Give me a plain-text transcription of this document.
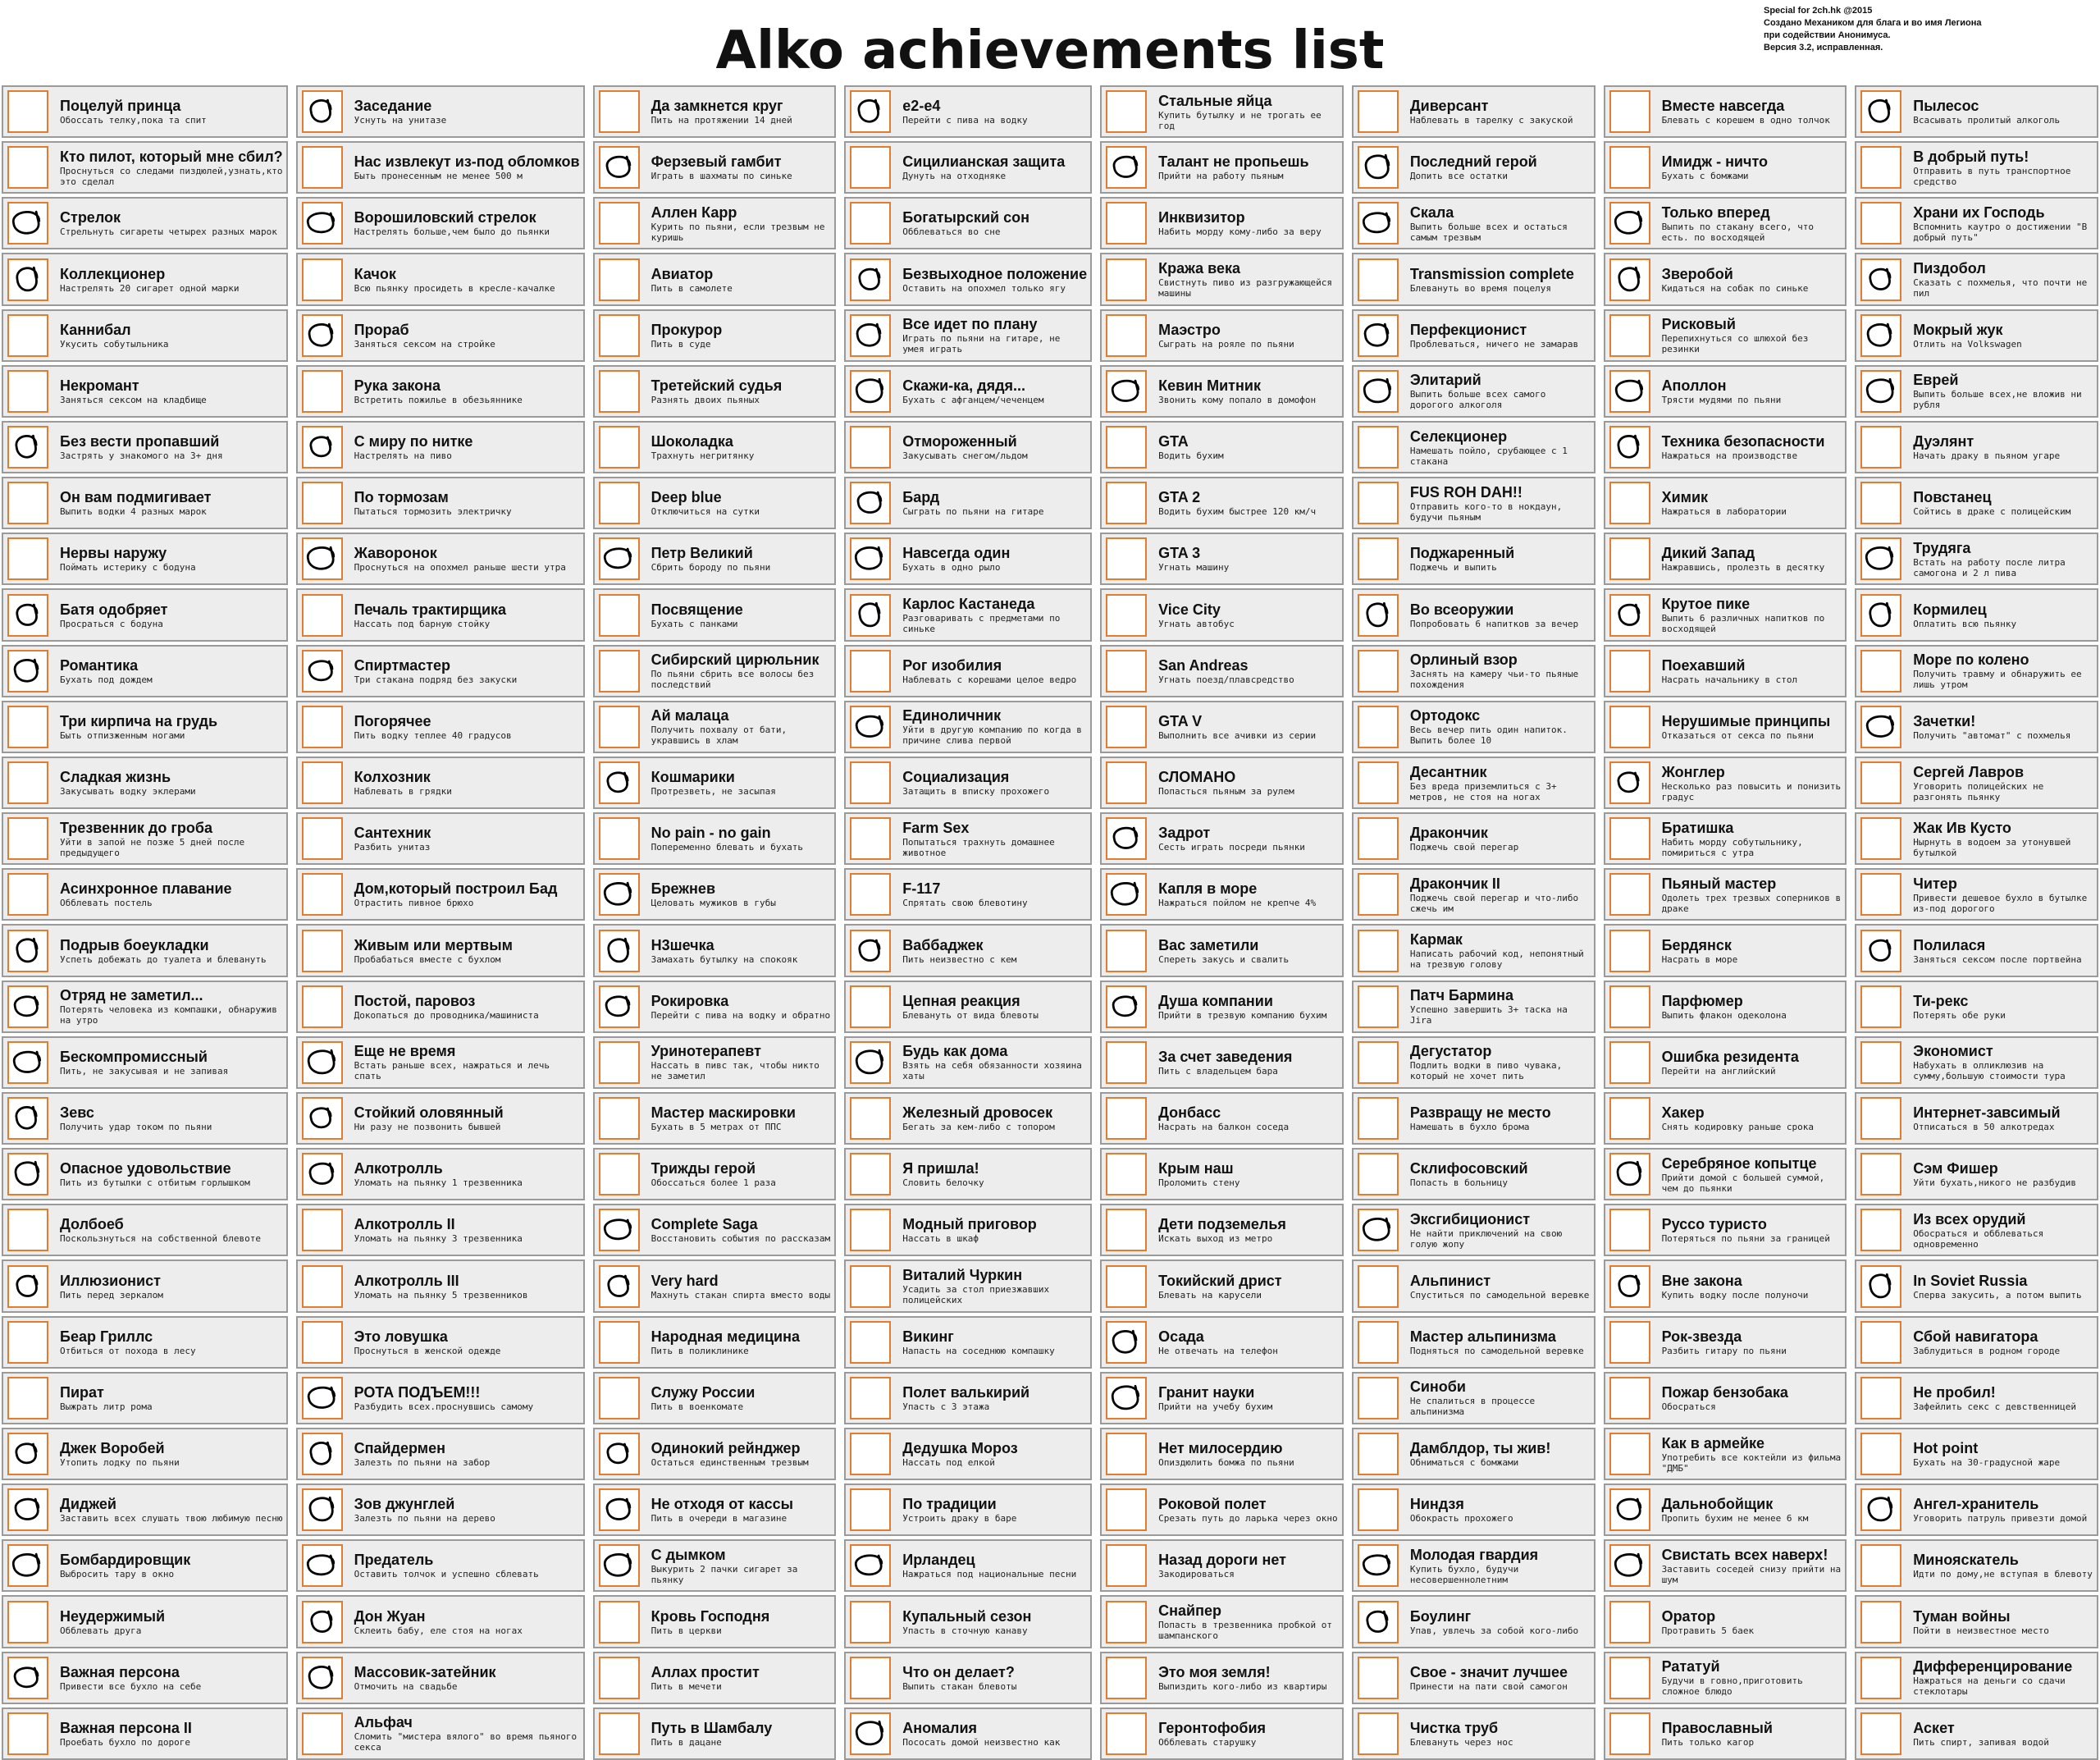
Alko achievements list
Special for 2ch.hk @2015
Создано Механиком для блага и во имя Легиона
при содействии Анонимуса.
Версия 3.2, исправленная.
Поцелуй принца
Обоссать телку,пока та спит
Кто пилот, который мне сбил?
Проснуться со следами пиздюлей,узнать,кто это сделал
Стрелок
Стрельнуть сигареты четырех разных марок
Коллекционер
Настрелять 20 сигарет одной марки
Каннибал
Укусить собутыльника
Некромант
Заняться сексом на кладбище
Без вести пропавший
Застрять у знакомого на 3+ дня
Он вам подмигивает
Выпить водки 4 разных марок
Нервы наружу
Поймать истерику с бодуна
Батя одобряет
Просраться с бодуна
Романтика
Бухать под дождем
Три кирпича на грудь
Быть отпизженным ногами
Сладкая жизнь
Закусывать водку эклерами
Трезвенник до гроба
Уйти в запой не позже 5 дней после предыдущего
Асинхронное плавание
Обблевать постель
Подрыв боеукладки
Успеть добежать до туалета и блевануть
Отряд не заметил...
Потерять человека из компашки, обнаружив на утро
Бескомпромиссный
Пить, не закусывая и не запивая
Зевс
Получить удар током по пьяни
Опасное удовольствие
Пить из бутылки с отбитым горлышком
Долбоеб
Поскользнуться на собственной блевоте
Иллюзионист
Пить перед зеркалом
Беар Гриллс
Отбиться от похода в лесу
Пират
Выжрать литр рома
Джек Воробей
Утопить лодку по пьяни
Диджей
Заставить всех слушать твою любимую песню
Бомбардировщик
Выбросить тару в окно
Неудержимый
Обблевать друга
Важная персона
Привести все бухло на себе
Важная персона II
Проебать бухло по дороге
Заседание
Уснуть на унитазе
Нас извлекут из-под обломков
Быть пронесенным не менее 500 м
Ворошиловский стрелок
Настрелять больше,чем было до пьянки
Качок
Всю пьянку просидеть в кресле-качалке
Прораб
Заняться сексом на стройке
Рука закона
Встретить пожилье в обезьяннике
С миру по нитке
Настрелять на пиво
По тормозам
Пытаться тормозить электричку
Жаворонок
Проснуться на опохмел раньше шести утра
Печаль трактирщика
Нассать под барную стойку
Спиртмастер
Три стакана подряд без закуски
Погорячее
Пить водку теплее 40 градусов
Колхозник
Наблевать в грядки
Сантехник
Разбить унитаз
Дом,который построил Бад
Отрастить пивное брюхо
Живым или мертвым
Пробабаться вместе с бухлом
Постой, паровоз
Докопаться до проводника/машиниста
Еще не время
Встать раньше всех, нажраться и лечь спать
Стойкий оловянный
Ни разу не позвонить бывшей
Алкотролль
Уломать на пьянку 1 трезвенника
Алкотролль II
Уломать на пьянку 3 трезвенника
Алкотролль III
Уломать на пьянку 5 трезвенников
Это ловушка
Проснуться в женской одежде
РОТА ПОДЪЕМ!!!
Разбудить всех.проснувшись самому
Спайдермен
Залезть по пьяни на забор
Зов джунглей
Залезть по пьяни на дерево
Предатель
Оставить толчок и успешно сблевать
Дон Жуан
Склеить бабу, еле стоя на ногах
Массовик-затейник
Отмочить на свадьбе
Альфач
Сломить "мистера вялого" во время пьяного секса
Да замкнется круг
Пить на протяжении 14 дней
Ферзевый гамбит
Играть в шахматы по синьке
Аллен Карр
Курить по пьяни, если трезвым не куришь
Авиатор
Пить в самолете
Прокурор
Пить в суде
Третейский судья
Разнять двоих пьяных
Шоколадка
Трахнуть негритянку
Deep blue
Отключиться на сутки
Петр Великий
Сбрить бороду по пьяни
Посвящение
Бухать с панками
Сибирский цирюльник
По пьяни сбрить все волосы без последствий
Ай малаца
Получить похвалу от бати, укравшись в хлам
Кошмарики
Протрезветь, не засыпая
No pain - no gain
Попеременно блевать и бухать
Брежнев
Целовать мужиков в губы
Н3шечка
Замахать бутылку на спокояк
Рокировка
Перейти с пива на водку и обратно
Уринотерапевт
Нассать в пивс так, чтобы никто не заметил
Мастер маскировки
Бухать в 5 метрах от ППС
Трижды герой
Обоссаться более 1 раза
Complete Saga
Восстановить события по рассказам
Very hard
Махнуть стакан спирта вместо воды
Народная медицина
Пить в поликлинике
Служу России
Пить в военкомате
Одинокий рейнджер
Остаться единственным трезвым
Не отходя от кассы
Пить в очереди в магазине
С дымком
Выкурить 2 пачки сигарет за пьянку
Кровь Господня
Пить в церкви
Аллах простит
Пить в мечети
Путь в Шамбалу
Пить в дацане
e2-e4
Перейти с пива на водку
Сицилианская защита
Дунуть на отходняке
Богатырский сон
Обблеваться во сне
Безвыходное положение
Оставить на опохмел только ягу
Все идет по плану
Играть по пьяни на гитаре, не умея играть
Скажи-ка, дядя...
Бухать с афганцем/чеченцем
Отмороженный
Закусывать снегом/льдом
Бард
Сыграть по пьяни на гитаре
Навсегда один
Бухать в одно рыло
Карлос Кастанеда
Разговаривать с предметами по синьке
Рог изобилия
Наблевать с корешами целое ведро
Единоличник
Уйти в другую компанию по когда в причине слива первой
Социализация
Затащить в вписку прохожего
Farm Sex
Попытаться трахнуть домашнее животное
F-117
Спрятать свою блевотину
Ваббаджек
Пить неизвестно с кем
Цепная реакция
Блевануть от вида блевоты
Будь как дома
Взять на себя обязанности хозяина хаты
Железный дровосек
Бегать за кем-либо с топором
Я пришла!
Словить белочку
Модный приговор
Нассать в шкаф
Виталий Чуркин
Усадить за стол приезжавших полицейских
Викинг
Напасть на соседнюю компашку
Полет валькирий
Упасть с 3 этажа
Дедушка Мороз
Нассать под елкой
По традиции
Устроить драку в баре
Ирландец
Нажраться под национальные песни
Купальный сезон
Упасть в сточную канаву
Что он делает?
Выпить стакан блевоты
Аномалия
Пососать домой неизвестно как
Стальные яйца
Купить бутылку и не трогать ее год
Талант не пропьешь
Прийти на работу пьяным
Инквизитор
Набить морду кому-либо за веру
Кража века
Свистнуть пиво из разгружающейся машины
Маэстро
Сыграть на рояле по пьяни
Кевин Митник
Звонить кому попало в домофон
GTA
Водить бухим
GTA 2
Водить бухим быстрее 120 км/ч
GTA 3
Угнать машину
Vice City
Угнать автобус
San Andreas
Угнать поезд/плавсредство
GTA V
Выполнить все ачивки из серии
СЛОМАНО
Попасться пьяным за рулем
Задрот
Сесть играть посреди пьянки
Капля в море
Нажраться пойлом не крепче 4%
Вас заметили
Спереть закусь и свалить
Душа компании
Прийти в трезвую компанию бухим
За счет заведения
Пить с владельцем бара
Донбасс
Насрать на балкон соседа
Крым наш
Проломить стену
Дети подземелья
Искать выход из метро
Токийский дрист
Блевать на карусели
Осада
Не отвечать на телефон
Гранит науки
Прийти на учебу бухим
Нет милосердию
Опиздюлить бомжа по пьяни
Роковой полет
Срезать путь до ларька через окно
Назад дороги нет
Закодироваться
Снайпер
Попасть в трезвенника пробкой от шампанского
Это моя земля!
Выпиздить кого-либо из квартиры
Геронтофобия
Обблевать старушку
Диверсант
Наблевать в тарелку с закуской
Последний герой
Допить все остатки
Скала
Выпить больше всех и остаться самым трезвым
Transmission complete
Блевануть во время поцелуя
Перфекционист
Проблеваться, ничего не замарав
Элитарий
Выпить больше всех самого дорогого алкоголя
Селекционер
Намешать пойло, срубающее с 1 стакана
FUS ROH DAH!!
Отправить кого-то в нокдаун, будучи пьяным
Поджаренный
Поджечь и выпить
Во всеоружии
Попробовать 6 напитков за вечер
Орлиный взор
Заснять на камеру чьи-то пьяные похождения
Ортодокс
Весь вечер пить один напиток. Выпить более 10
Десантник
Без вреда приземлиться с 3+ метров, не стоя на ногах
Дракончик
Поджечь свой перегар
Дракончик II
Поджечь свой перегар и что-либо сжечь им
Кармак
Написать рабочий код, непонятный на трезвую голову
Патч Бармина
Успешно завершить 3+ таска на Jira
Дегустатор
Подлить водки в пиво чувака, который не хочет пить
Развращу не место
Намешать в бухло брома
Склифосовский
Попасть в больницу
Эксгибиционист
Не найти приключений на свою голую жопу
Альпинист
Спуститься по самодельной веревке
Мастер альпинизма
Подняться по самодельной веревке
Синоби
Не спалиться в процессе альпинизма
Дамблдор, ты жив!
Обниматься с бомжами
Ниндзя
Обокрасть прохожего
Молодая гвардия
Купить бухло, будучи несовершеннолетним
Боулинг
Упав, увлечь за собой кого-либо
Свое - значит лучшее
Принести на пати свой самогон
Чистка труб
Блевануть через нос
Вместе навсегда
Блевать с корешем в одно толчок
Имидж - ничто
Бухать с бомжами
Только вперед
Выпить по стакану всего, что есть. по восходящей
Зверобой
Кидаться на собак по синьке
Рисковый
Перепихнуться со шлюхой без резинки
Аполлон
Трясти мудями по пьяни
Техника безопасности
Нажраться на производстве
Химик
Нажраться в лаборатории
Дикий Запад
Нажравшись, пролезть в десятку
Крутое пике
Выпить 6 различных напитков по восходящей
Поехавший
Насрать начальнику в стол
Нерушимые принципы
Отказаться от секса по пьяни
Жонглер
Несколько раз повысить и понизить градус
Братишка
Набить морду собутыльнику, помириться с утра
Пьяный мастер
Одолеть трех трезвых соперников в драке
Бердянск
Насрать в море
Парфюмер
Выпить флакон одеколона
Ошибка резидента
Перейти на английский
Хакер
Снять кодировку раньше срока
Серебряное копытце
Прийти домой с большей суммой, чем до пьянки
Руссо туристо
Потеряться по пьяни за границей
Вне закона
Купить водку после полуночи
Рок-звезда
Разбить гитару по пьяни
Пожар бензобака
Обосраться
Как в армейке
Употребить все коктейли из фильма "ДМБ"
Дальнобойщик
Пропить бухим не менее 6 км
Свистать всех наверх!
Заставить соседей снизу прийти на шум
Оратор
Протравить 5 баек
Рататуй
Будучи в говно,приготовить сложное блюдо
Православный
Пить только кагор
Пылесос
Всасывать пролитый алкоголь
В добрый путь!
Отправить в путь транспортное средство
Храни их Господь
Вспомнить каутро о достижении "В добрый путь"
Пиздобол
Сказать с похмелья, что почти не пил
Мокрый жук
Отлить на Volkswagen
Еврей
Выпить больше всех,не вложив ни рубля
Дуэлянт
Начать драку в пьяном угаре
Повстанец
Сойтись в драке с полицейским
Трудяга
Встать на работу после литра самогона и 2 л пива
Кормилец
Оплатить всю пьянку
Море по колено
Получить травму и обнаружить ее лишь утром
Зачетки!
Получить "автомат" с похмелья
Сергей Лавров
Уговорить полицейских не разгонять пьянку
Жак Ив Кусто
Нырнуть в водоем за утонувшей бутылкой
Читер
Привести дешевое бухло в бутылке из-под дорогого
Полилася
Заняться сексом после портвейна
Ти-рекс
Потерять обе руки
Экономист
Набухать в олликлюзив на сумму,большую стоимости тура
Интернет-завсимый
Отписаться в 50 алкотредах
Сэм Фишер
Уйти бухать,никого не разбудив
Из всех орудий
Обосраться и обблеваться одновременно
In Soviet Russia
Сперва закусить, а потом выпить
Сбой навигатора
Заблудиться в родном городе
Не пробил!
Зафейлить секс с девственницей
Hot point
Бухать на 30-градусной жаре
Ангел-хранитель
Уговорить патруль привезти домой
Минояскатель
Идти по дому,не вступая в блевоту
Туман войны
Пойти в неизвестное место
Дифференцирование
Нажраться на деньги со сдачи стеклотары
Аскет
Пить спирт, запивая водой
